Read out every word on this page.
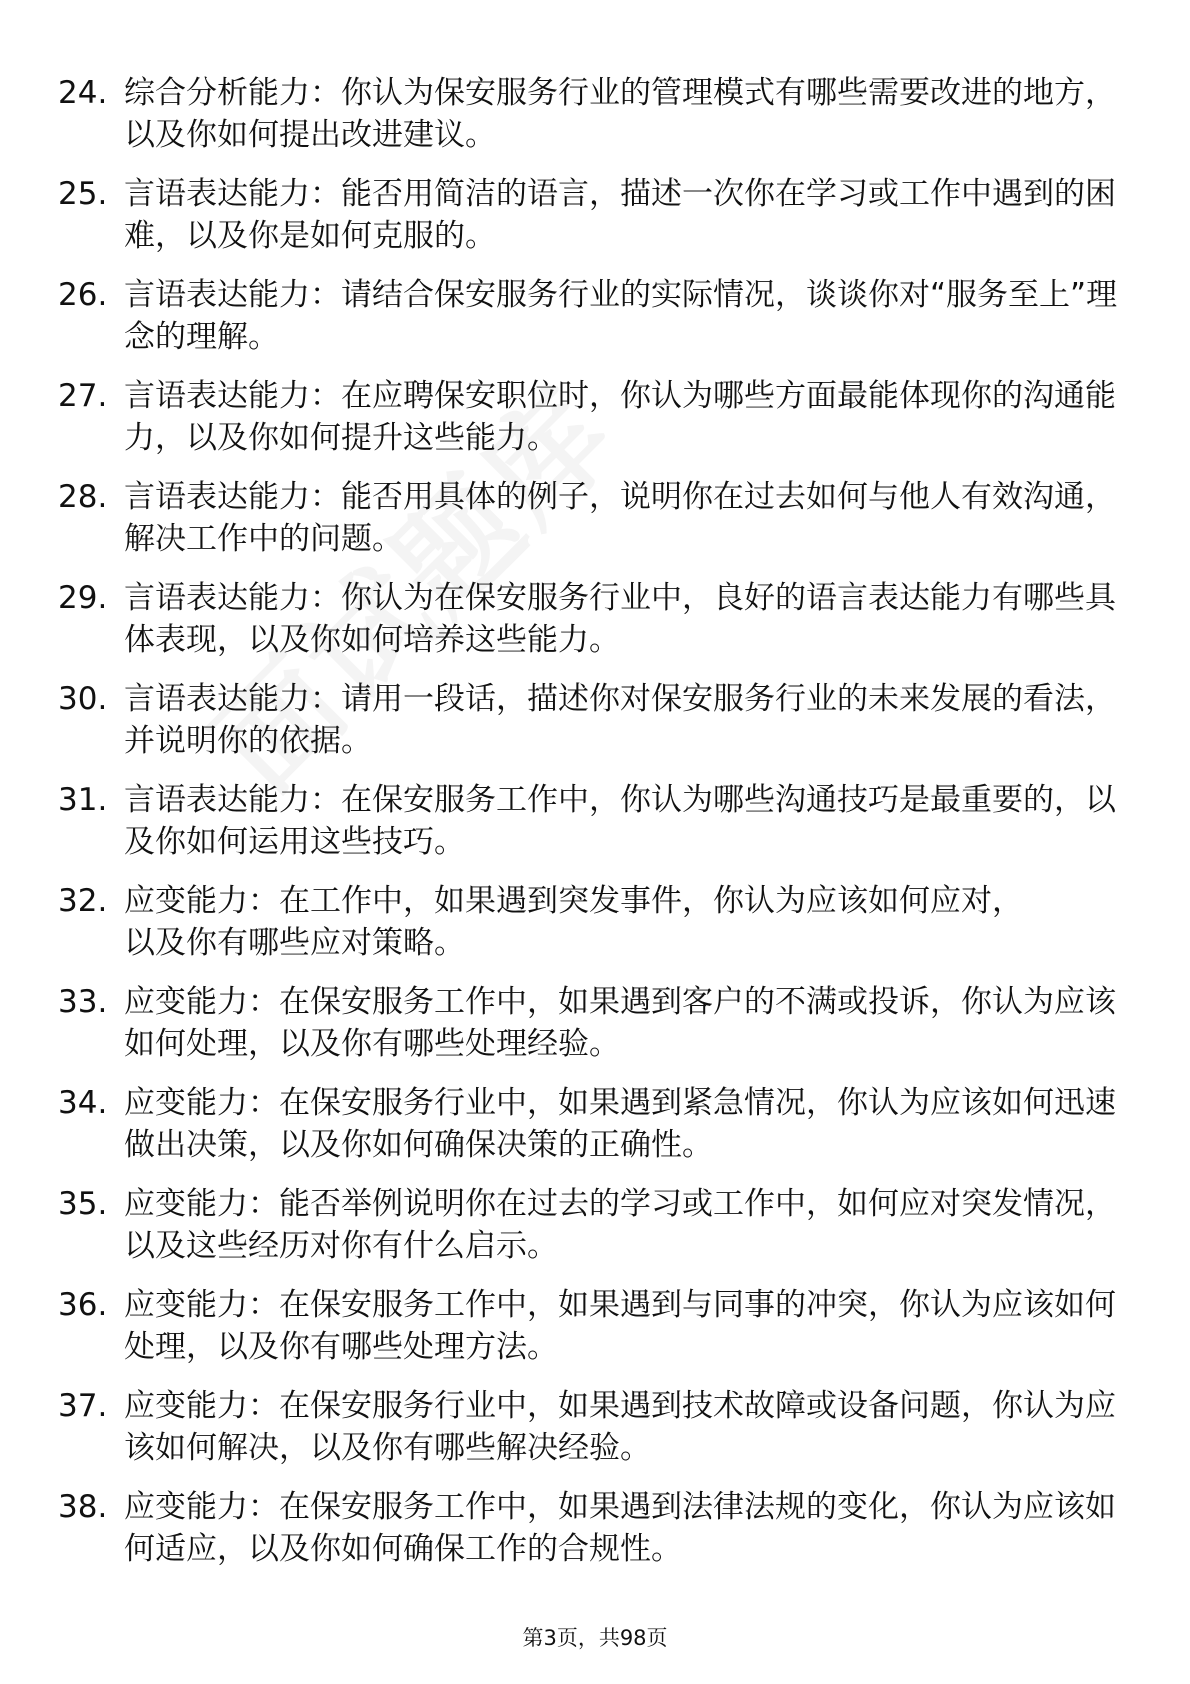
24. 综合分析能力：你认为保安服务行业的管理模式有哪些需要改进的地方，以及你如何提出改进建议。
25. 言语表达能力：能否用简洁的语言，描述一次你在学习或工作中遇到的困难，以及你是如何克服的。
26. 言语表达能力：请结合保安服务行业的实际情况，谈谈你对“服务至上”理念的理解。
27. 言语表达能力：在应聘保安职位时，你认为哪些方面最能体现你的沟通能力，以及你如何提升这些能力。
28. 言语表达能力：能否用具体的例子，说明你在过去如何与他人有效沟通，解决工作中的问题。
29. 言语表达能力：你认为在保安服务行业中，良好的语言表达能力有哪些具体表现，以及你如何培养这些能力。
30. 言语表达能力：请用一段话，描述你对保安服务行业的未来发展的看法，并说明你的依据。
31. 言语表达能力：在保安服务工作中，你认为哪些沟通技巧是最重要的，以及你如何运用这些技巧。
32. 应变能力：在工作中，如果遇到突发事件，你认为应该如何应对，以及你有哪些应对策略。
33. 应变能力：在保安服务工作中，如果遇到客户的不满或投诉，你认为应该如何处理，以及你有哪些处理经验。
34. 应变能力：在保安服务行业中，如果遇到紧急情况，你认为应该如何迅速做出决策，以及你如何确保决策的正确性。
35. 应变能力：能否举例说明你在过去的学习或工作中，如何应对突发情况，以及这些经历对你有什么启示。
36. 应变能力：在保安服务工作中，如果遇到与同事的冲突，你认为应该如何处理，以及你有哪些处理方法。
37. 应变能力：在保安服务行业中，如果遇到技术故障或设备问题，你认为应该如何解决，以及你有哪些解决经验。
38. 应变能力：在保安服务工作中，如果遇到法律法规的变化，你认为应该如何适应，以及你如何确保工作的合规性。
第3页，共98页
